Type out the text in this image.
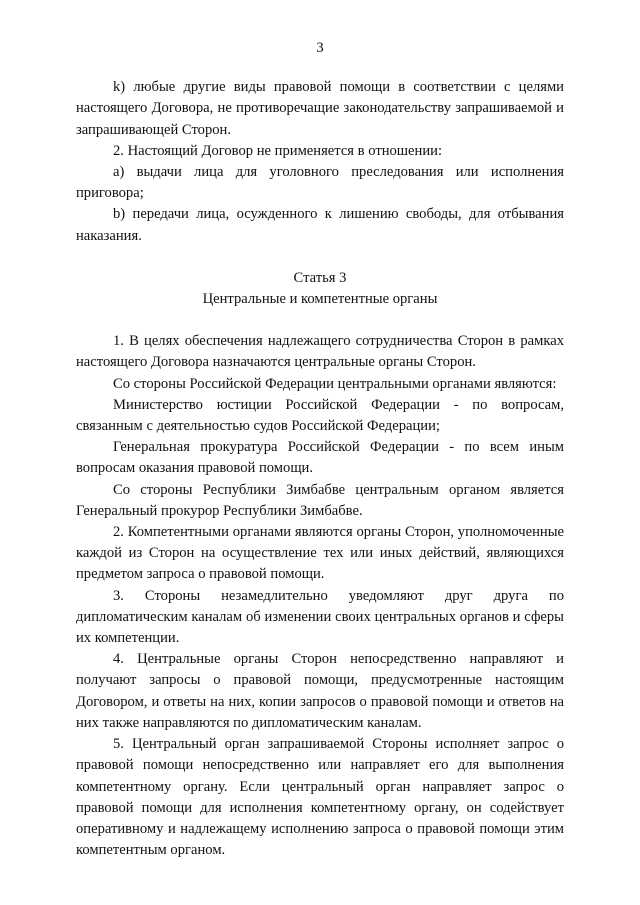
3

k) любые другие виды правовой помощи в соответствии с целями настоящего Договора, не противоречащие законодательству запрашиваемой и запрашивающей Сторон.

2. Настоящий Договор не применяется в отношении:

a) выдачи лица для уголовного преследования или исполнения приговора;

b) передачи лица, осужденного к лишению свободы, для отбывания наказания.

Статья 3

Центральные и компетентные органы

1. В целях обеспечения надлежащего сотрудничества Сторон в рамках настоящего Договора назначаются центральные органы Сторон.

Со стороны Российской Федерации центральными органами являются:

Министерство юстиции Российской Федерации - по вопросам, связанным с деятельностью судов Российской Федерации;

Генеральная прокуратура Российской Федерации - по всем иным вопросам оказания правовой помощи.

Со стороны Республики Зимбабве центральным органом является Генеральный прокурор Республики Зимбабве.

2. Компетентными органами являются органы Сторон, уполномоченные каждой из Сторон на осуществление тех или иных действий, являющихся предметом запроса о правовой помощи.

3. Стороны незамедлительно уведомляют друг друга по дипломатическим каналам об изменении своих центральных органов и сферы их компетенции.

4. Центральные органы Сторон непосредственно направляют и получают запросы о правовой помощи, предусмотренные настоящим Договором, и ответы на них, копии запросов о правовой помощи и ответов на них также направляются по дипломатическим каналам.

5. Центральный орган запрашиваемой Стороны исполняет запрос о правовой помощи непосредственно или направляет его для выполнения компетентному органу. Если центральный орган направляет запрос о правовой помощи для исполнения компетентному органу, он содействует оперативному и надлежащему исполнению запроса о правовой помощи этим компетентным органом.
